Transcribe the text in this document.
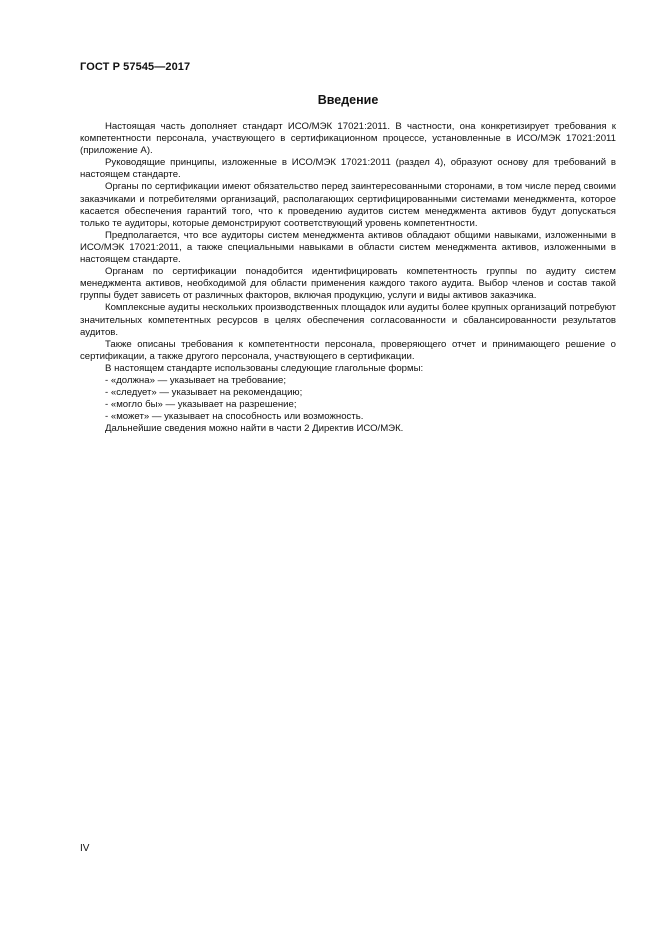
ГОСТ Р 57545—2017
Введение

Настоящая часть дополняет стандарт ИСО/МЭК 17021:2011. В частности, она конкретизирует требования к компетентности персонала, участвующего в сертификационном процессе, установленные в ИСО/МЭК 17021:2011 (приложение А).

Руководящие принципы, изложенные в ИСО/МЭК 17021:2011 (раздел 4), образуют основу для требований в настоящем стандарте.

Органы по сертификации имеют обязательство перед заинтересованными сторонами, в том числе перед своими заказчиками и потребителями организаций, располагающих сертифицированными системами менеджмента, которое касается обеспечения гарантий того, что к проведению аудитов систем менеджмента активов будут допускаться только те аудиторы, которые демонстрируют соответствующий уровень компетентности.

Предполагается, что все аудиторы систем менеджмента активов обладают общими навыками, изложенными в ИСО/МЭК 17021:2011, а также специальными навыками в области систем менеджмента активов, изложенными в настоящем стандарте.

Органам по сертификации понадобится идентифицировать компетентность группы по аудиту систем менеджмента активов, необходимой для области применения каждого такого аудита. Выбор членов и состав такой группы будет зависеть от различных факторов, включая продукцию, услуги и виды активов заказчика.

Комплексные аудиты нескольких производственных площадок или аудиты более крупных организаций потребуют значительных компетентных ресурсов в целях обеспечения согласованности и сбалансированности результатов аудитов.

Также описаны требования к компетентности персонала, проверяющего отчет и принимающего решение о сертификации, а также другого персонала, участвующего в сертификации.

В настоящем стандарте использованы следующие глагольные формы:

- «должна» — указывает на требование;
- «следует» — указывает на рекомендацию;
- «могло бы» — указывает на разрешение;
- «может» — указывает на способность или возможность.

Дальнейшие сведения можно найти в части 2 Директив ИСО/МЭК.

IV
